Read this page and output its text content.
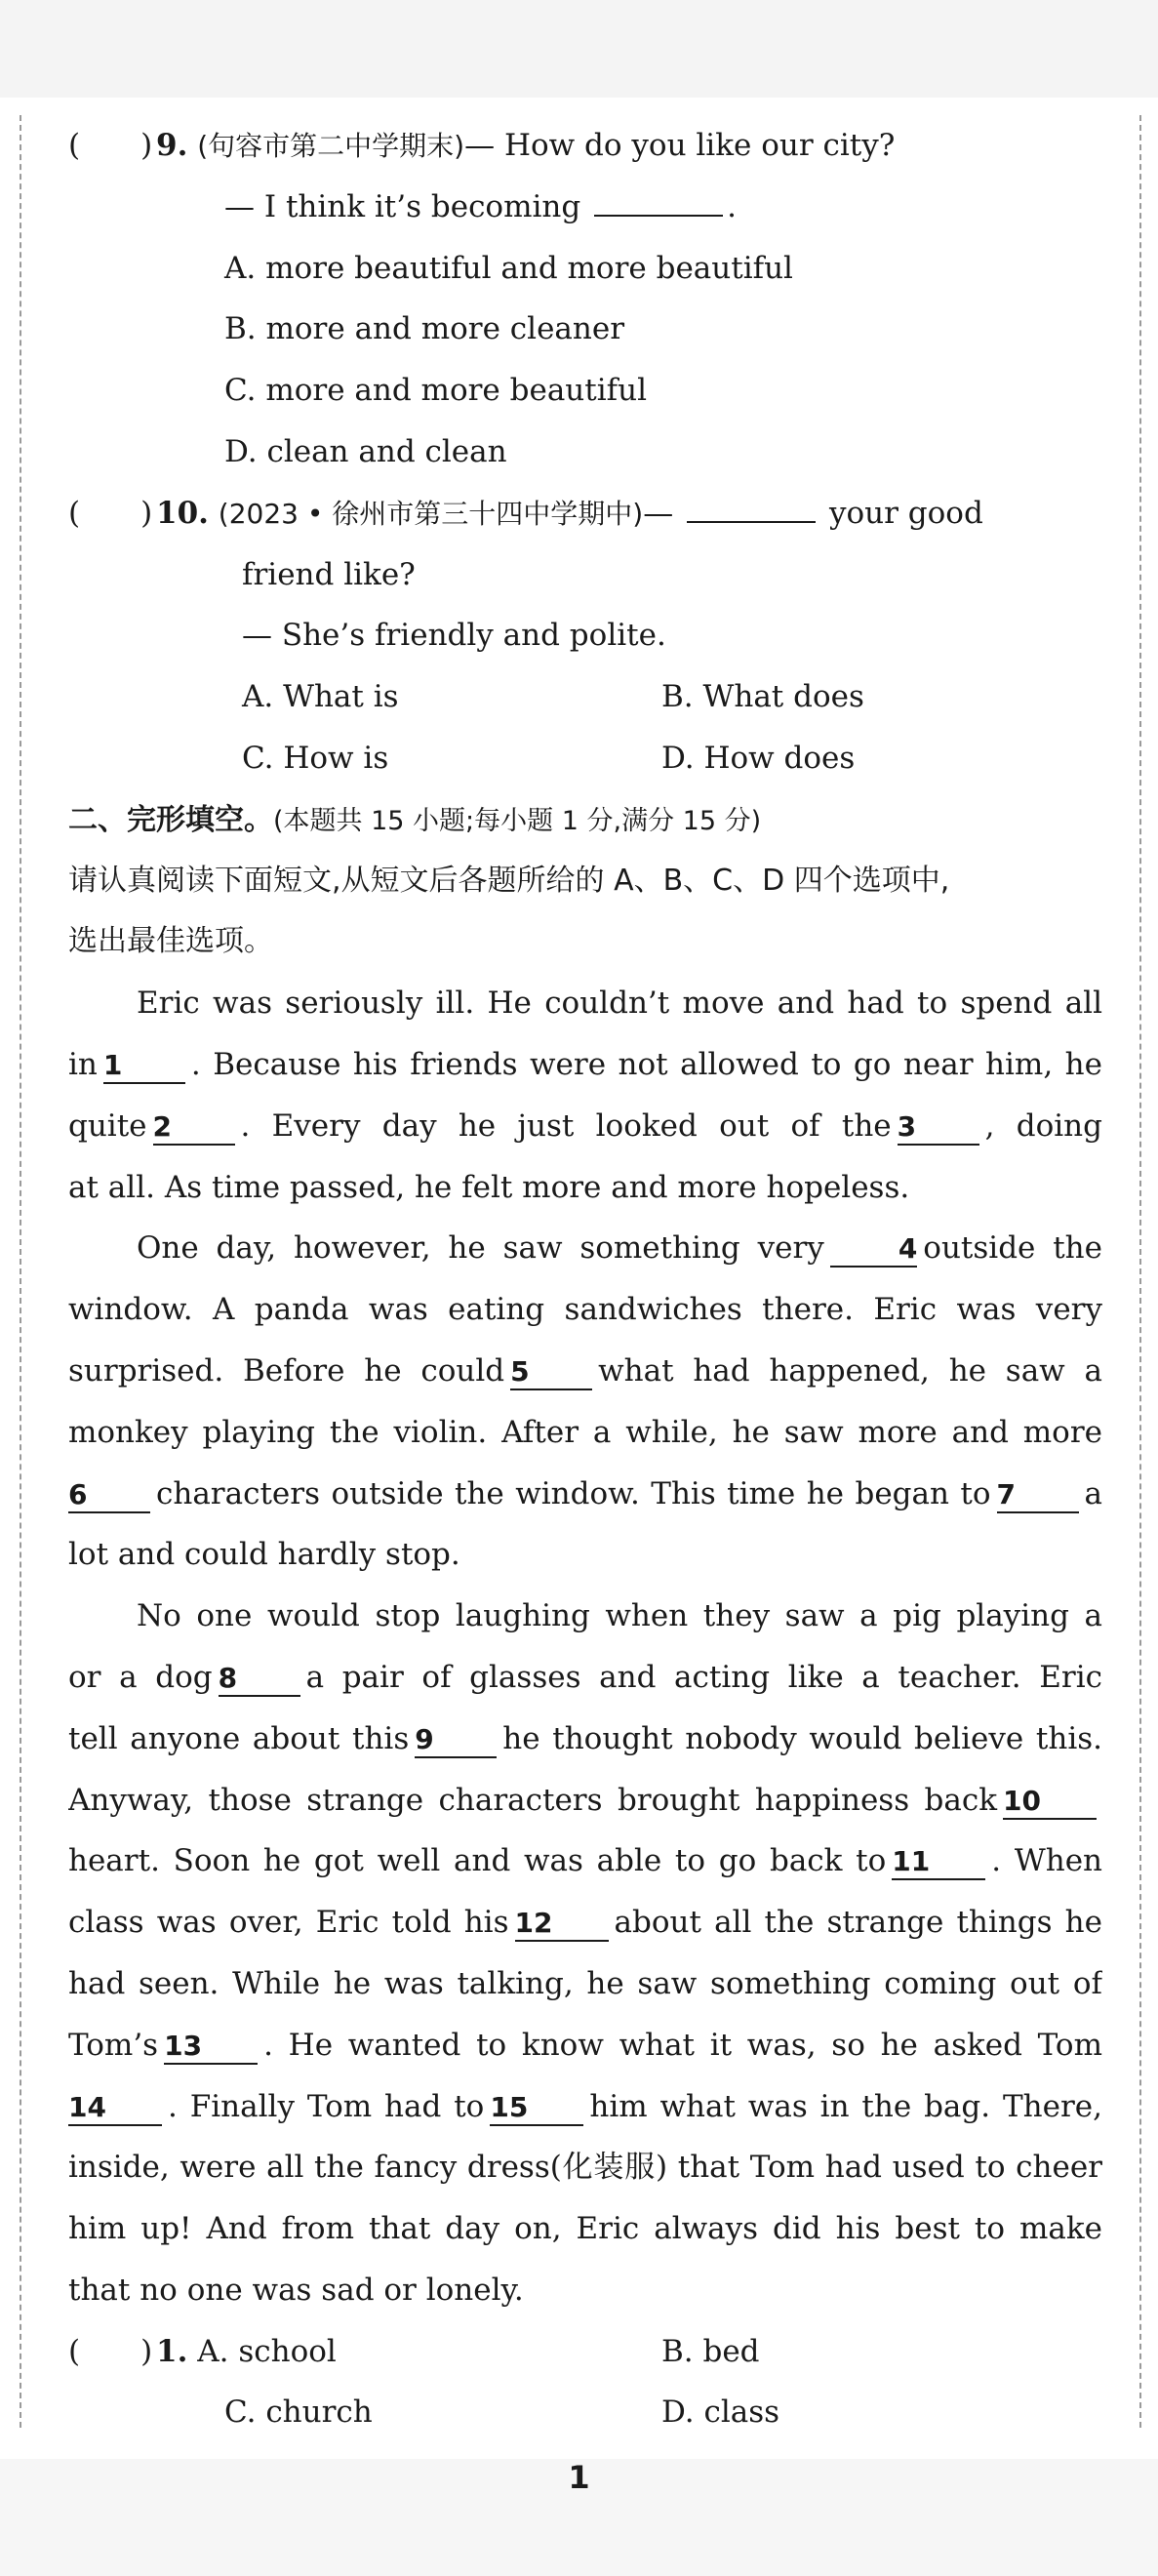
(　　) 9. (句容市第二中学期末)— How do you like our city?
— I think it’s becoming	.
A. more beautiful and more beautiful
B. more and more cleaner
C. more and more beautiful
D. clean and clean
(　　) 10. (2023 • 徐州市第三十四中学期中)—	your good
friend like?
— She’s friendly and polite.
A. What is	B. What does
C. How is	D. How does
二、完形填空。(本题共 15 小题;每小题 1 分,满分 15 分)
请认真阅读下面短文,从短文后各题所给的 A、B、C、D 四个选项中,
选出最佳选项。
Eric was seriously ill. He couldn’t move and had to spend all
in 1 . Because his friends were not allowed to go near him, he
quite 2 . Every day he just looked out of the 3 , doing
at all. As time passed, he felt more and more hopeless.
One day, however, he saw something very	4 outside the
window. A panda was eating sandwiches there. Eric was very
surprised. Before he could 5 what had happened, he saw a
monkey playing the violin. After a while, he saw more and more
6 characters outside the window. This time he began to 7 a
lot and could hardly stop.
No one would stop laughing when they saw a pig playing a
or a dog 8 a pair of glasses and acting like a teacher. Eric
tell anyone about this 9 he thought nobody would believe this.
Anyway, those strange characters brought happiness back 10
heart. Soon he got well and was able to go back to 11 . When
class was over, Eric told his 12 about all the strange things he
had seen. While he was talking, he saw something coming out of
Tom’s 13 . He wanted to know what it was, so he asked Tom
14 . Finally Tom had to 15 him what was in the bag. There,
inside, were all the fancy dress(化装服) that Tom had used to cheer
him up! And from that day on, Eric always did his best to make
that no one was sad or lonely.
(　　) 1. A. school	B. bed
C. church	D. class
1
